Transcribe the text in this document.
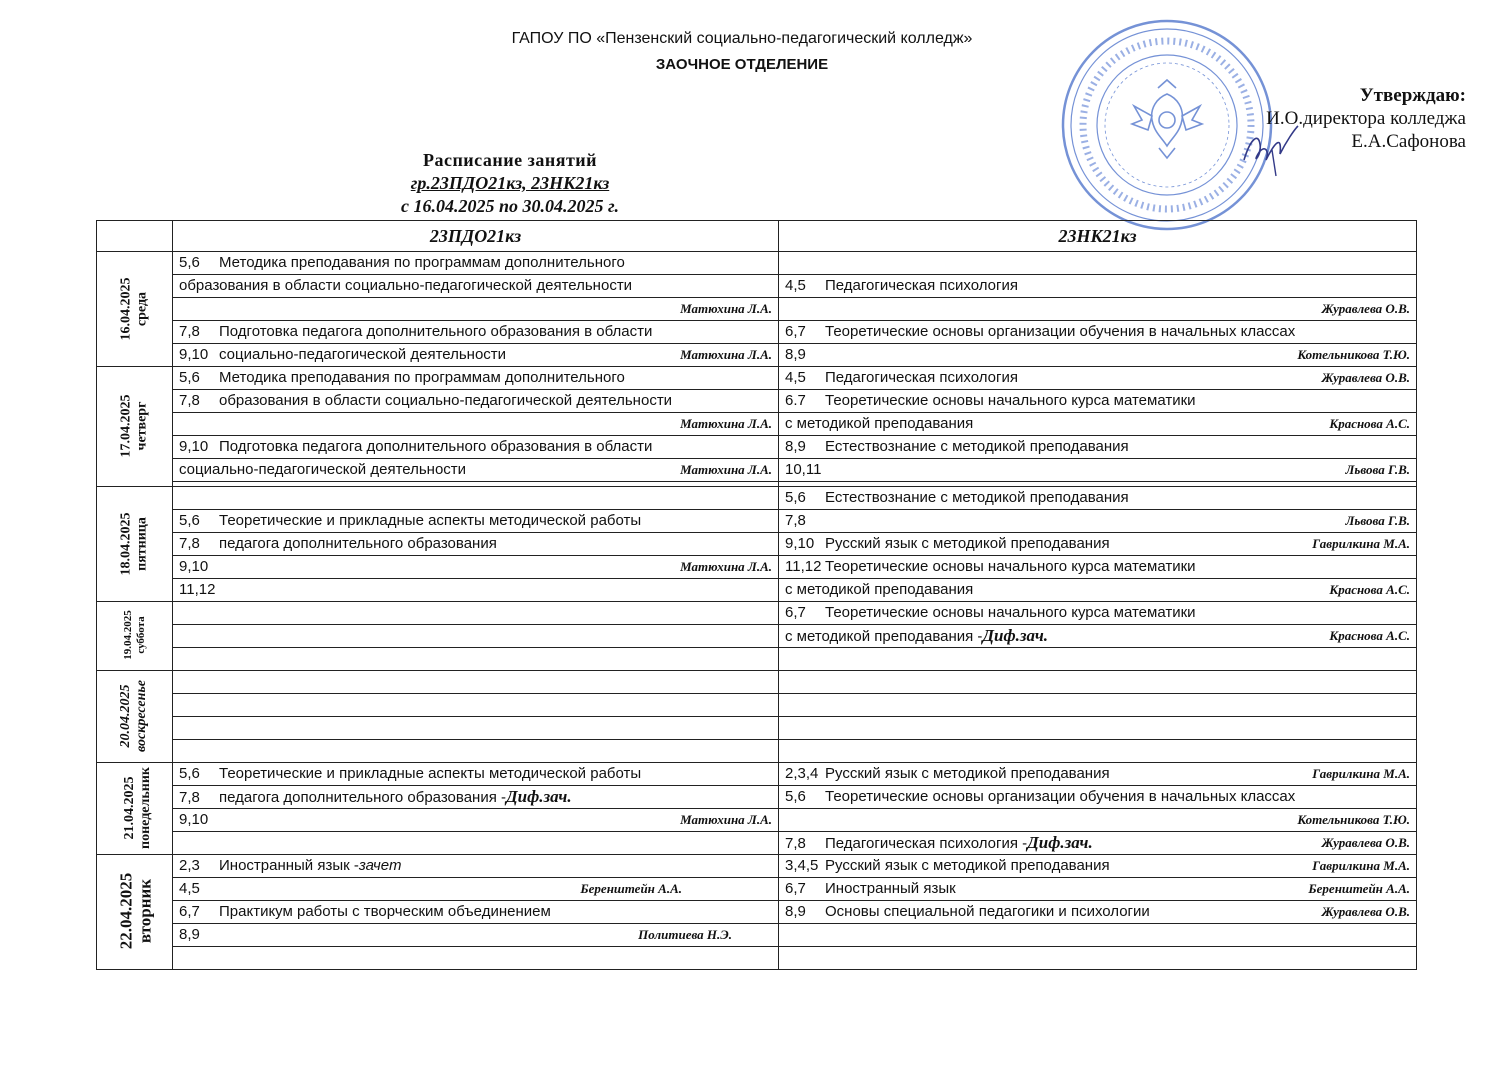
ГАПОУ ПО «Пензенский социально-педагогический колледж»
ЗАОЧНОЕ ОТДЕЛЕНИЕ
Утверждаю:
И.О.директора колледжа
Е.А.Сафонова
Расписание занятий
гр.23ПДО21кз, 23НК21кз
с 16.04.2025 по 30.04.2025 г.
	23ПДО21кз	23НК21кз

16.04.2025 среда	5,6 Методика преподавания по программам дополнительного	
	образования в области социально-педагогической деятельности	4,5 Педагогическая психология

	Матюхина Л.А.	Журавлева О.В.

	7,8 Подготовка педагога дополнительного образования в области	6,7 Теоретические основы организации обучения в начальных классах
	9,10 социально-педагогической деятельности Матюхина Л.А.	8,9 Котельникова Т.Ю.

17.04.2025 четверг	5,6 Методика преподавания по программам дополнительного	4,5 Педагогическая психология Журавлева О.В.

	7,8 образования в области социально-педагогической деятельности	6.7 Теоретические основы начального курса математики

	Матюхина Л.А.	с методикой преподавания Краснова А.С.

	9,10 Подготовка педагога дополнительного образования в области	8,9 Естествознание с методикой преподавания
	социально-педагогической деятельности Матюхина Л.А.	10,11 Львова Г.В.

18.04.2025 пятница		5,6 Естествознание с методикой преподавания
	5,6 Теоретические и прикладные аспекты методической работы	7,8 Львова Г.В.

	7,8 педагога дополнительного образования	9,10 Русский язык с методикой преподавания Гаврилкина М.А.

	9,10 Матюхина Л.А.	11,12 Теоретические основы начального курса математики
	11,12	с методикой преподавания Краснова А.С.

19.04.2025 суббота		6,7 Теоретические основы начального курса математики
		с методикой преподавания -Диф.зач. Краснова А.С.

20.04.2025 воскресенье		

21.04.2025 понедельник	5,6 Теоретические и прикладные аспекты методической работы	2,3,4 Русский язык с методикой преподавания Гаврилкина М.А.

	7,8 педагога дополнительного образования -Диф.зач.	5,6 Теоретические основы организации обучения в начальных классах
	9,10 Матюхина Л.А.	Котельникова Т.Ю.

		7,8 Педагогическая психология -Диф.зач. Журавлева О.В.

22.04.2025 вторник	2,3 Иностранный язык -зачет	3,4,5 Русский язык с методикой преподавания Гаврилкина М.А.

	4,5 Беренштейн А.А.	6,7 Иностранный язык Беренштейн А.А.

	6,7 Практикум работы с творческим объединением	8,9 Основы специальной педагогики и психологии Журавлева О.В.

	8,9 Политиева Н.Э.	
